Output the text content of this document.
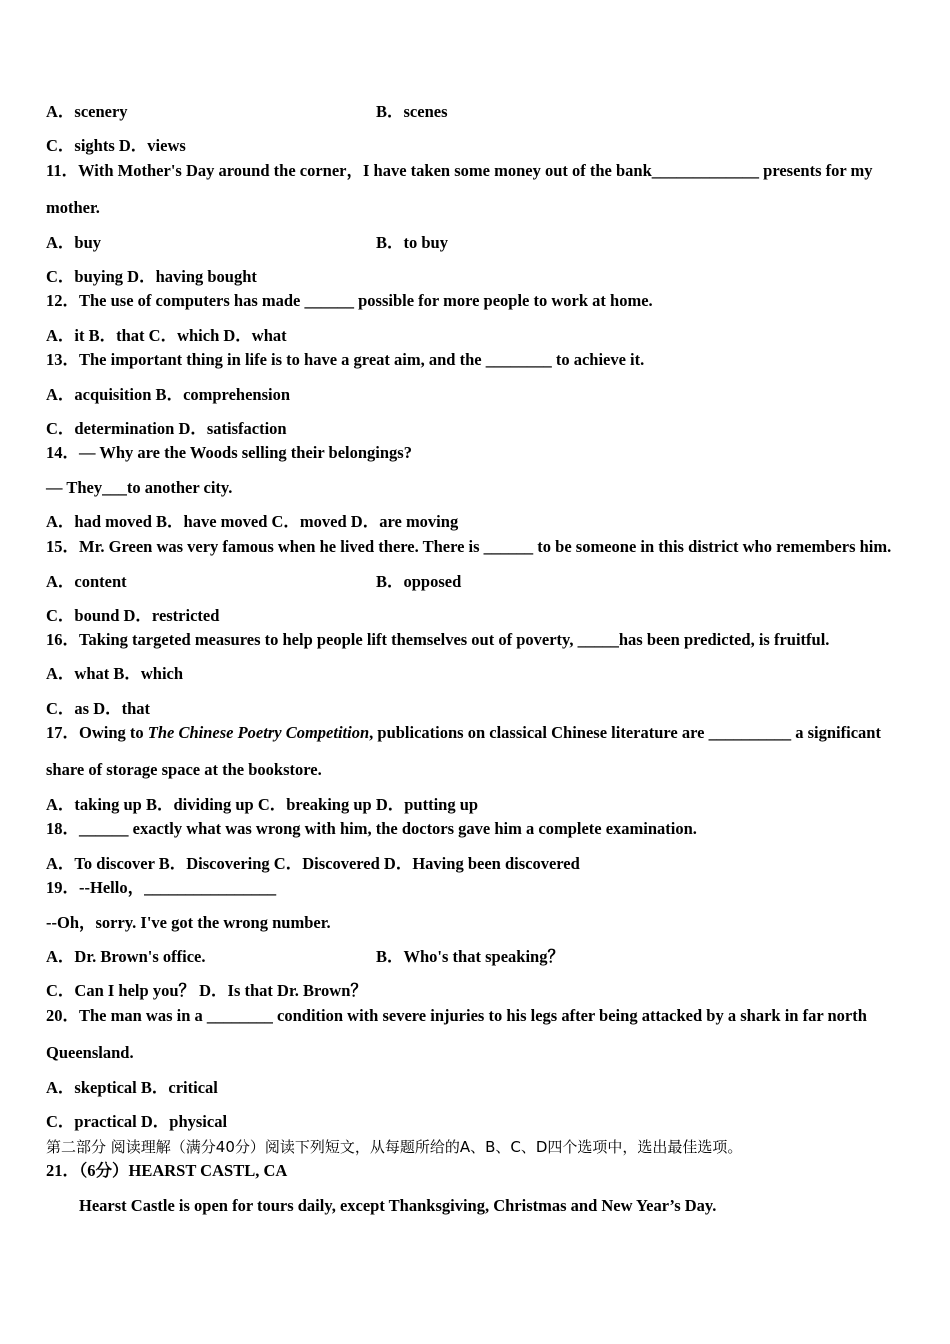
A．scenery	B．scenes
C．sights D．views
11．With Mother's Day around the corner，I have taken some money out of the bank_____________ presents for my
mother.
A．buy	B．to buy
C．buying D．having bought
12．The use of computers has made ______ possible for more people to work at home.
A．it B．that C．which D．what
13．The important thing in life is to have a great aim, and the ________ to achieve it.
A．acquisition B．comprehension
C．determination D．satisfaction
14．— Why are the Woods selling their belongings?
— They___to another city.
A．had moved B．have moved C．moved D．are moving
15．Mr. Green was very famous when he lived there. There is ______ to be someone in this district who remembers him.
A．content	B．opposed
C．bound D．restricted
16．Taking targeted measures to help people lift themselves out of poverty, _____has been predicted, is fruitful.
A．what B．which
C．as D．that
17．Owing to The Chinese Poetry Competition, publications on classical Chinese literature are __________ a significant
share of storage space at the bookstore.
A．taking up B．dividing up C．breaking up D．putting up
18．______ exactly what was wrong with him, the doctors gave him a complete examination.
A．To discover B．Discovering C．Discovered D．Having been discovered
19．--Hello，________________
--Oh，sorry. I've got the wrong number.
A．Dr. Brown's office.	B．Who's that speaking？
C．Can I help you？ D．Is that Dr. Brown？
20．The man was in a ________ condition with severe injuries to his legs after being attacked by a shark in far north
Queensland.
A．skeptical B．critical
C．practical D．physical
第二部分 阅读理解（满分40分）阅读下列短文，从每题所给的A、B、C、D四个选项中，选出最佳选项。
21．（6分）HEARST CASTL, CA
Hearst Castle is open for tours daily, except Thanksgiving, Christmas and New Year’s Day.
